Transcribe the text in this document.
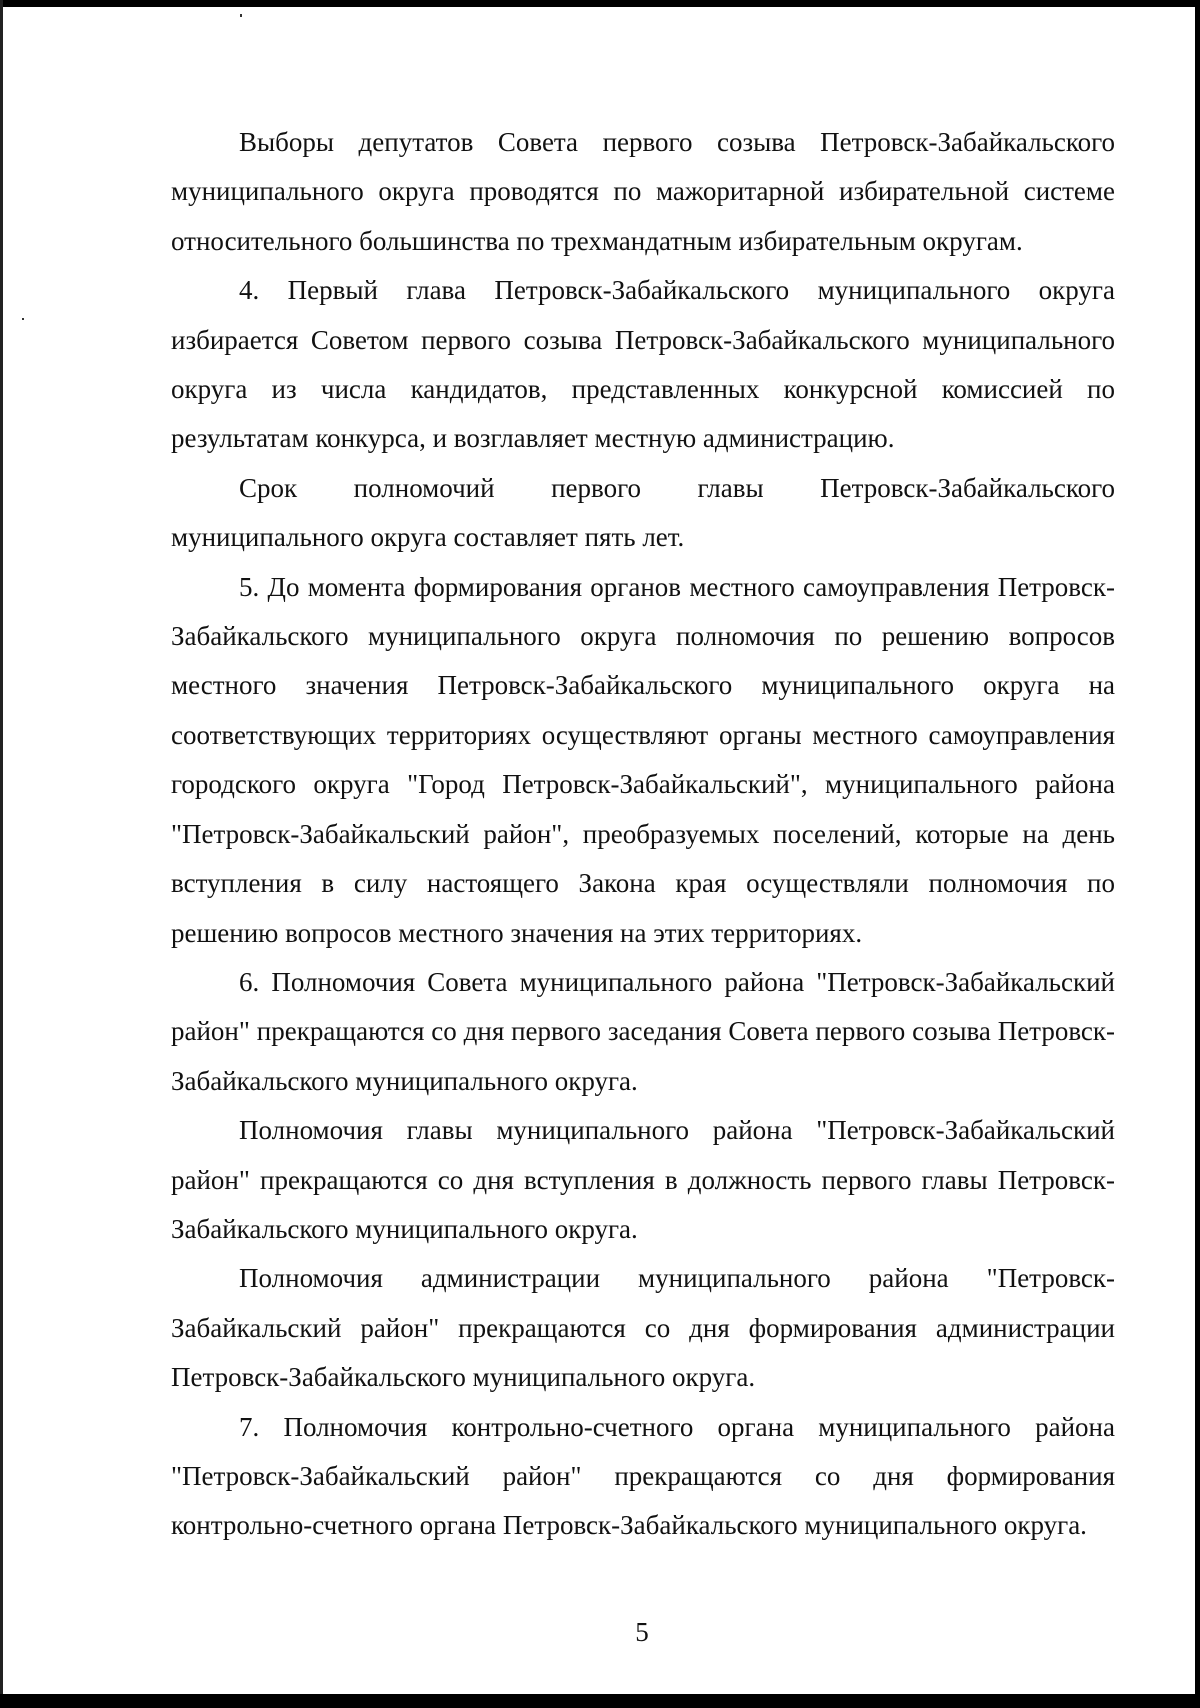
Выборы депутатов Совета первого созыва Петровск-Забайкальского муниципального округа проводятся по мажоритарной избирательной системе относительного большинства по трехмандатным избирательным округам.

4. Первый глава Петровск-Забайкальского муниципального округа избирается Советом первого созыва Петровск-Забайкальского муниципального округа из числа кандидатов, представленных конкурсной комиссией по результатам конкурса, и возглавляет местную администрацию.

Срок полномочий первого главы Петровск-Забайкальского муниципального округа составляет пять лет.

5. До момента формирования органов местного самоуправления Петровск-Забайкальского муниципального округа полномочия по решению вопросов местного значения Петровск-Забайкальского муниципального округа на соответствующих территориях осуществляют органы местного самоуправления городского округа "Город Петровск-Забайкальский", муниципального района "Петровск-Забайкальский район", преобразуемых поселений, которые на день вступления в силу настоящего Закона края осуществляли полномочия по решению вопросов местного значения на этих территориях.

6. Полномочия Совета муниципального района "Петровск-Забайкальский район" прекращаются со дня первого заседания Совета первого созыва Петровск-Забайкальского муниципального округа.

Полномочия главы муниципального района "Петровск-Забайкальский район" прекращаются со дня вступления в должность первого главы Петровск-Забайкальского муниципального округа.

Полномочия администрации муниципального района "Петровск-Забайкальский район" прекращаются со дня формирования администрации Петровск-Забайкальского муниципального округа.

7. Полномочия контрольно-счетного органа муниципального района "Петровск-Забайкальский район" прекращаются со дня формирования контрольно-счетного органа Петровск-Забайкальского муниципального округа.

5
